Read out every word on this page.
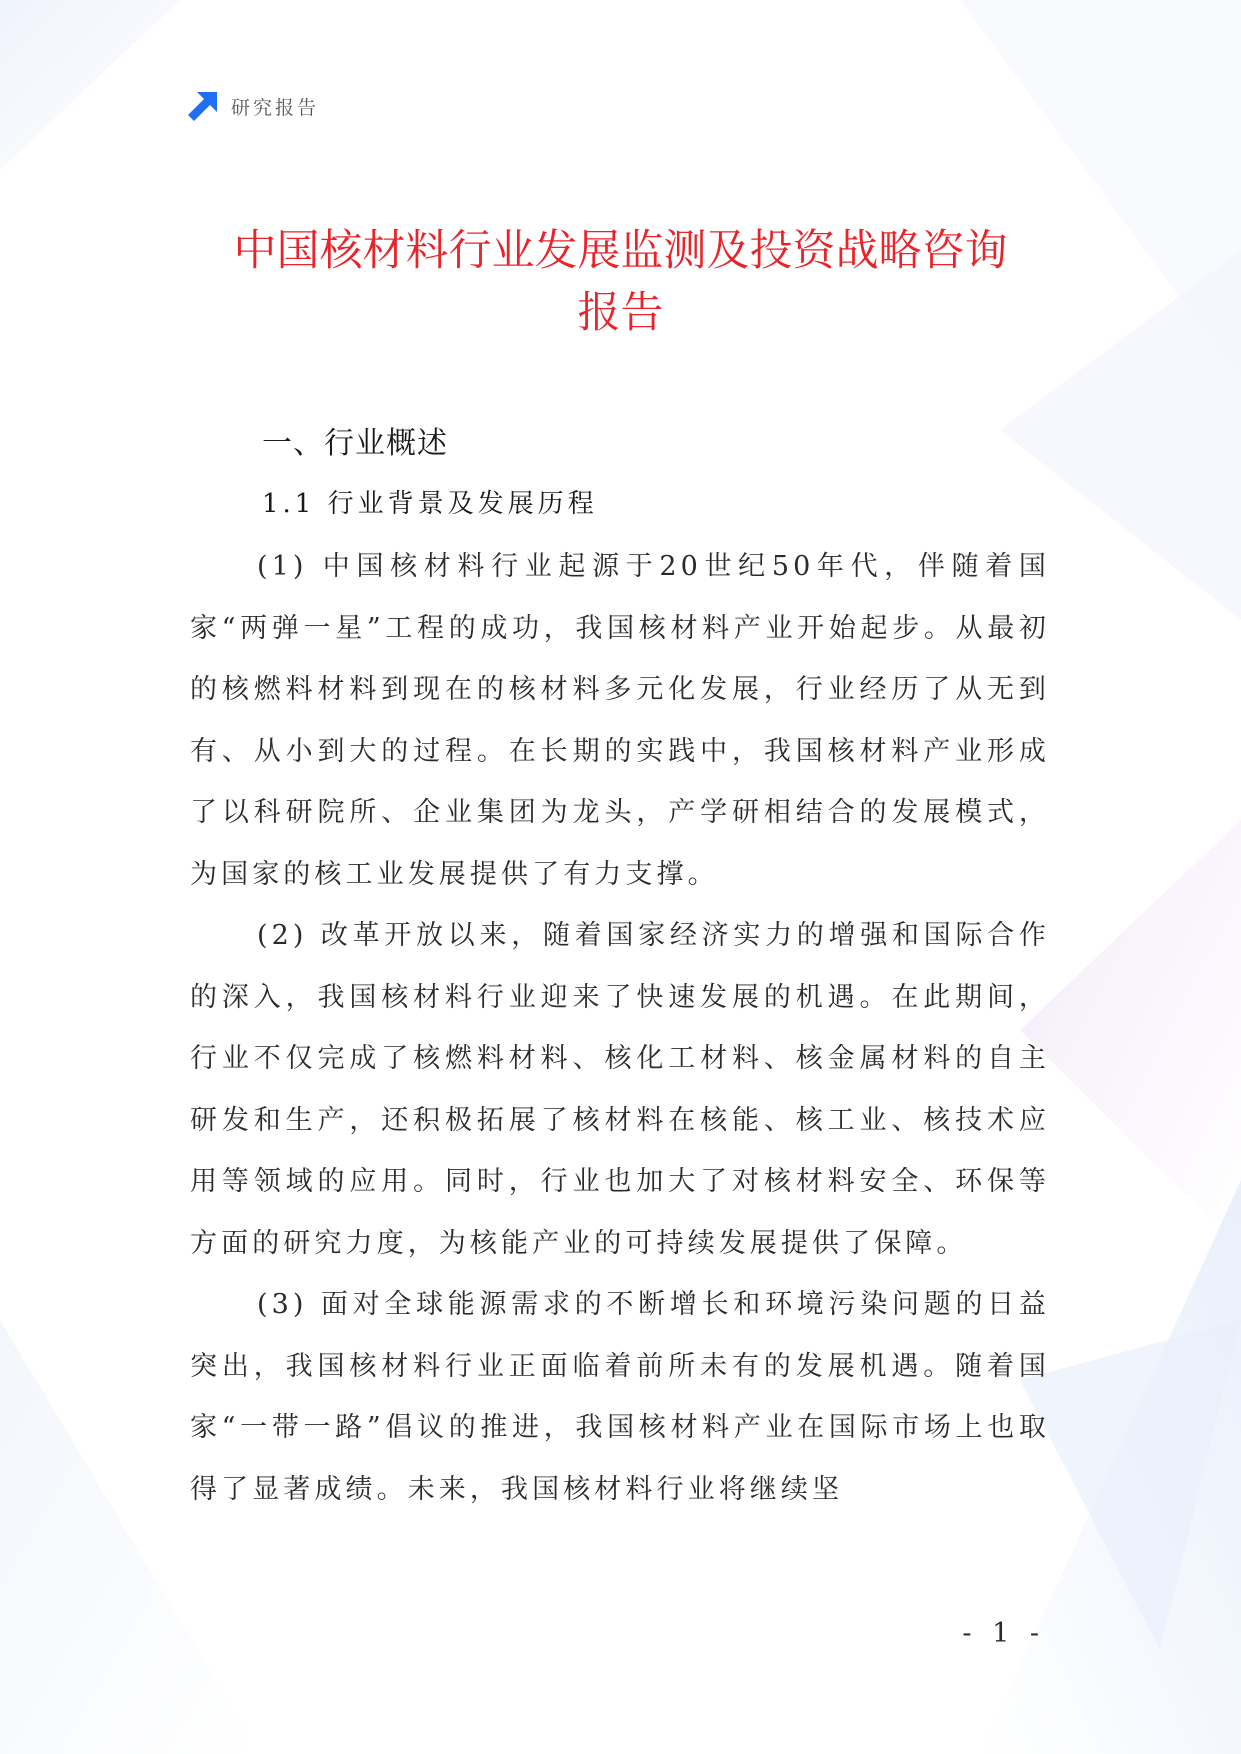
研究报告
中国核材料行业发展监测及投资战略咨询
报告
一、行业概述
1.1 行业背景及发展历程

(1) 中国核材料行业起源于20世纪50年代，伴随着国家“两弹一星”工程的成功，我国核材料产业开始起步。从最初的核燃料材料到现在的核材料多元化发展，行业经历了从无到有、从小到大的过程。在长期的实践中，我国核材料产业形成了以科研院所、企业集团为龙头，产学研相结合的发展模式，为国家的核工业发展提供了有力支撑。

(2) 改革开放以来，随着国家经济实力的增强和国际合作的深入，我国核材料行业迎来了快速发展的机遇。在此期间，行业不仅完成了核燃料材料、核化工材料、核金属材料的自主研发和生产，还积极拓展了核材料在核能、核工业、核技术应用等领域的应用。同时，行业也加大了对核材料安全、环保等方面的研究力度，为核能产业的可持续发展提供了保障。

(3) 面对全球能源需求的不断增长和环境污染问题的日益突出，我国核材料行业正面临着前所未有的发展机遇。随着国家“一带一路”倡议的推进，我国核材料产业在国际市场上也取得了显著成绩。未来，我国核材料行业将继续坚

- 1 -
